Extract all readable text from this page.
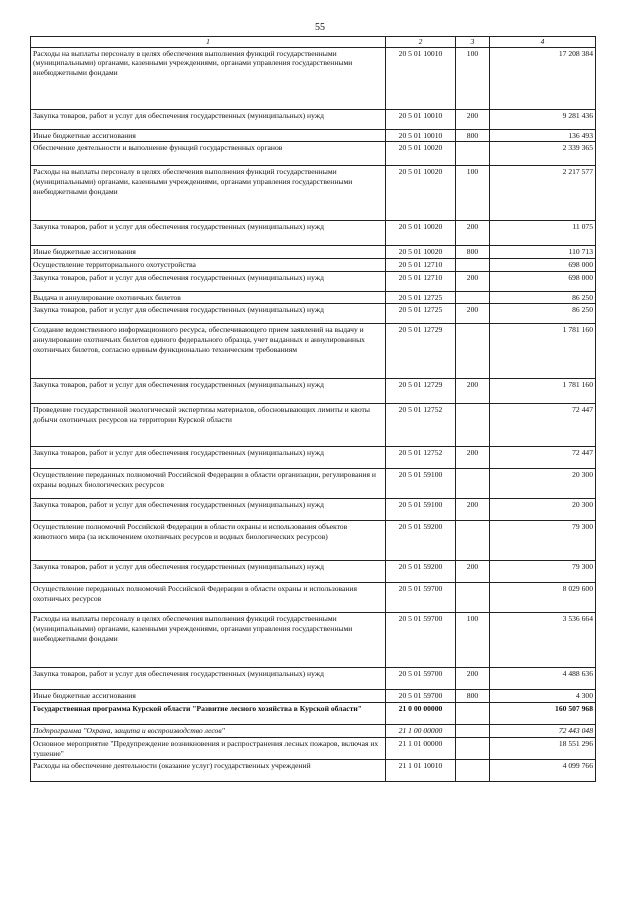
55
1	2	3	4
Расходы на выплаты персоналу в целях обеспечения выполнения функций государственными (муниципальными) органами, казенными учреждениями, органами управления государственными внебюджетными фондами	20 5 01 10010	100	17 208 384
Закупка товаров, работ и услуг для обеспечения государственных (муниципальных) нужд	20 5 01 10010	200	9 281 436
Иные бюджетные ассигнования	20 5 01 10010	800	136 493
Обеспечение деятельности и выполнение функций государственных органов	20 5 01 10020		2 339 365
Расходы на выплаты персоналу в целях обеспечения выполнения функций государственными (муниципальными) органами, казенными учреждениями, органами управления государственными внебюджетными фондами	20 5 01 10020	100	2 217 577
Закупка товаров, работ и услуг для обеспечения государственных (муниципальных) нужд	20 5 01 10020	200	11 075
Иные бюджетные ассигнования	20 5 01 10020	800	110 713
Осуществление территориального охотустройства	20 5 01 12710		698 000
Закупка товаров, работ и услуг для обеспечения государственных (муниципальных) нужд	20 5 01 12710	200	698 000
Выдача и аннулирование охотничьих билетов	20 5 01 12725		86 250
Закупка товаров, работ и услуг для обеспечения государственных (муниципальных) нужд	20 5 01 12725	200	86 250
Создание ведомственного информационного ресурса, обеспечивающего прием заявлений на выдачу и аннулирование охотничьих билетов единого федерального образца, учет выданных и аннулированных охотничьих билетов, согласно единым функционально техническим требованиям	20 5 01 12729		1 781 160
Закупка товаров, работ и услуг для обеспечения государственных (муниципальных) нужд	20 5 01 12729	200	1 781 160
Проведение государственной экологической экспертизы материалов, обосновывающих лимиты и квоты добычи охотничьих ресурсов на территории Курской области	20 5 01 12752		72 447
Закупка товаров, работ и услуг для обеспечения государственных (муниципальных) нужд	20 5 01 12752	200	72 447
Осуществление переданных полномочий Российской Федерации в области организации, регулирования и охраны водных биологических ресурсов	20 5 01 59100		20 300
Закупка товаров, работ и услуг для обеспечения государственных (муниципальных) нужд	20 5 01 59100	200	20 300
Осуществление полномочий Российской Федерации в области охраны и использования объектов животного мира (за исключением охотничьих ресурсов и водных биологических ресурсов)	20 5 01 59200		79 300
Закупка товаров, работ и услуг для обеспечения государственных (муниципальных) нужд	20 5 01 59200	200	79 300
Осуществление переданных полномочий Российской Федерации в области охраны и использования охотничьих ресурсов	20 5 01 59700		8 029 600
Расходы на выплаты персоналу в целях обеспечения выполнения функций государственными (муниципальными) органами, казенными учреждениями, органами управления государственными внебюджетными фондами	20 5 01 59700	100	3 536 664
Закупка товаров, работ и услуг для обеспечения государственных (муниципальных) нужд	20 5 01 59700	200	4 488 636
Иные бюджетные ассигнования	20 5 01 59700	800	4 300
Государственная программа Курской области "Развитие лесного хозяйства в Курской области"	21 0 00 00000		160 507 968
Подпрограмма "Охрана, защита и воспроизводство лесов"	21 1 00 00000		72 443 048
Основное мероприятие "Предупреждение возникновения и распространения лесных пожаров, включая их тушение"	21 1 01 00000		18 551 296
Расходы на обеспечение деятельности (оказание услуг) государственных учреждений	21 1 01 10010		4 099 766
